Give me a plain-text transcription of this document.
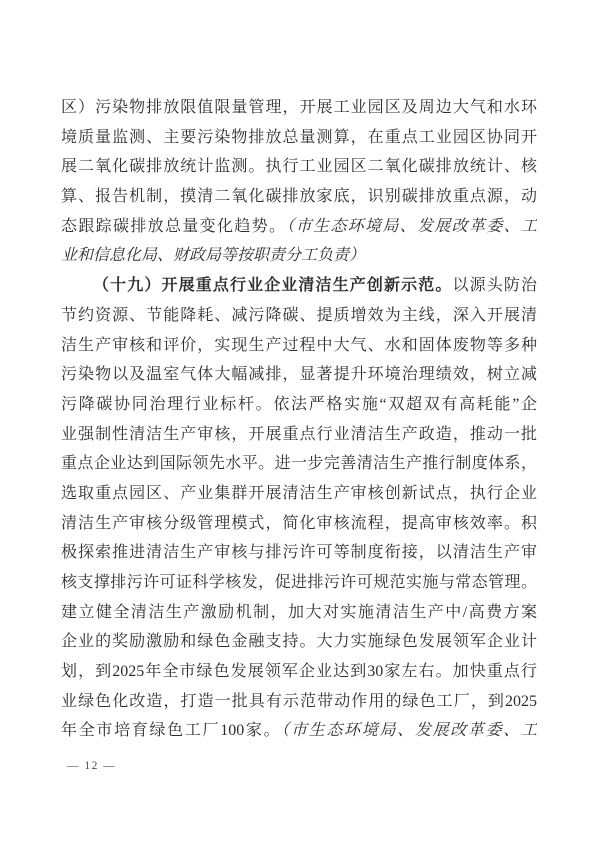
区）污染物排放限值限量管理，开展工业园区及周边大气和水环
境质量监测、主要污染物排放总量测算，在重点工业园区协同开
展二氧化碳排放统计监测。执行工业园区二氧化碳排放统计、核
算、报告机制，摸清二氧化碳排放家底，识别碳排放重点源，动
态跟踪碳排放总量变化趋势。（市生态环境局、发展改革委、工
业和信息化局、财政局等按职责分工负责）
（十九）开展重点行业企业清洁生产创新示范。以源头防治
节约资源、节能降耗、减污降碳、提质增效为主线，深入开展清
洁生产审核和评价，实现生产过程中大气、水和固体废物等多种
污染物以及温室气体大幅减排，显著提升环境治理绩效，树立减
污降碳协同治理行业标杆。依法严格实施“双超双有高耗能”企
业强制性清洁生产审核，开展重点行业清洁生产政造，推动一批
重点企业达到国际领先水平。进一步完善清洁生产推行制度体系，
选取重点园区、产业集群开展清洁生产审核创新试点，执行企业
清洁生产审核分级管理模式，简化审核流程，提高审核效率。积
极探索推进清洁生产审核与排污许可等制度衔接，以清洁生产审
核支撑排污许可证科学核发，促进排污许可规范实施与常态管理。
建立健全清洁生产激励机制，加大对实施清洁生产中/高费方案
企业的奖励激励和绿色金融支持。大力实施绿色发展领军企业计
划，到2025年全市绿色发展领军企业达到30家左右。加快重点行
业绿色化改造，打造一批具有示范带动作用的绿色工厂，到2025
年全市培育绿色工厂100家。（市生态环境局、发展改革委、工
— 12 —
